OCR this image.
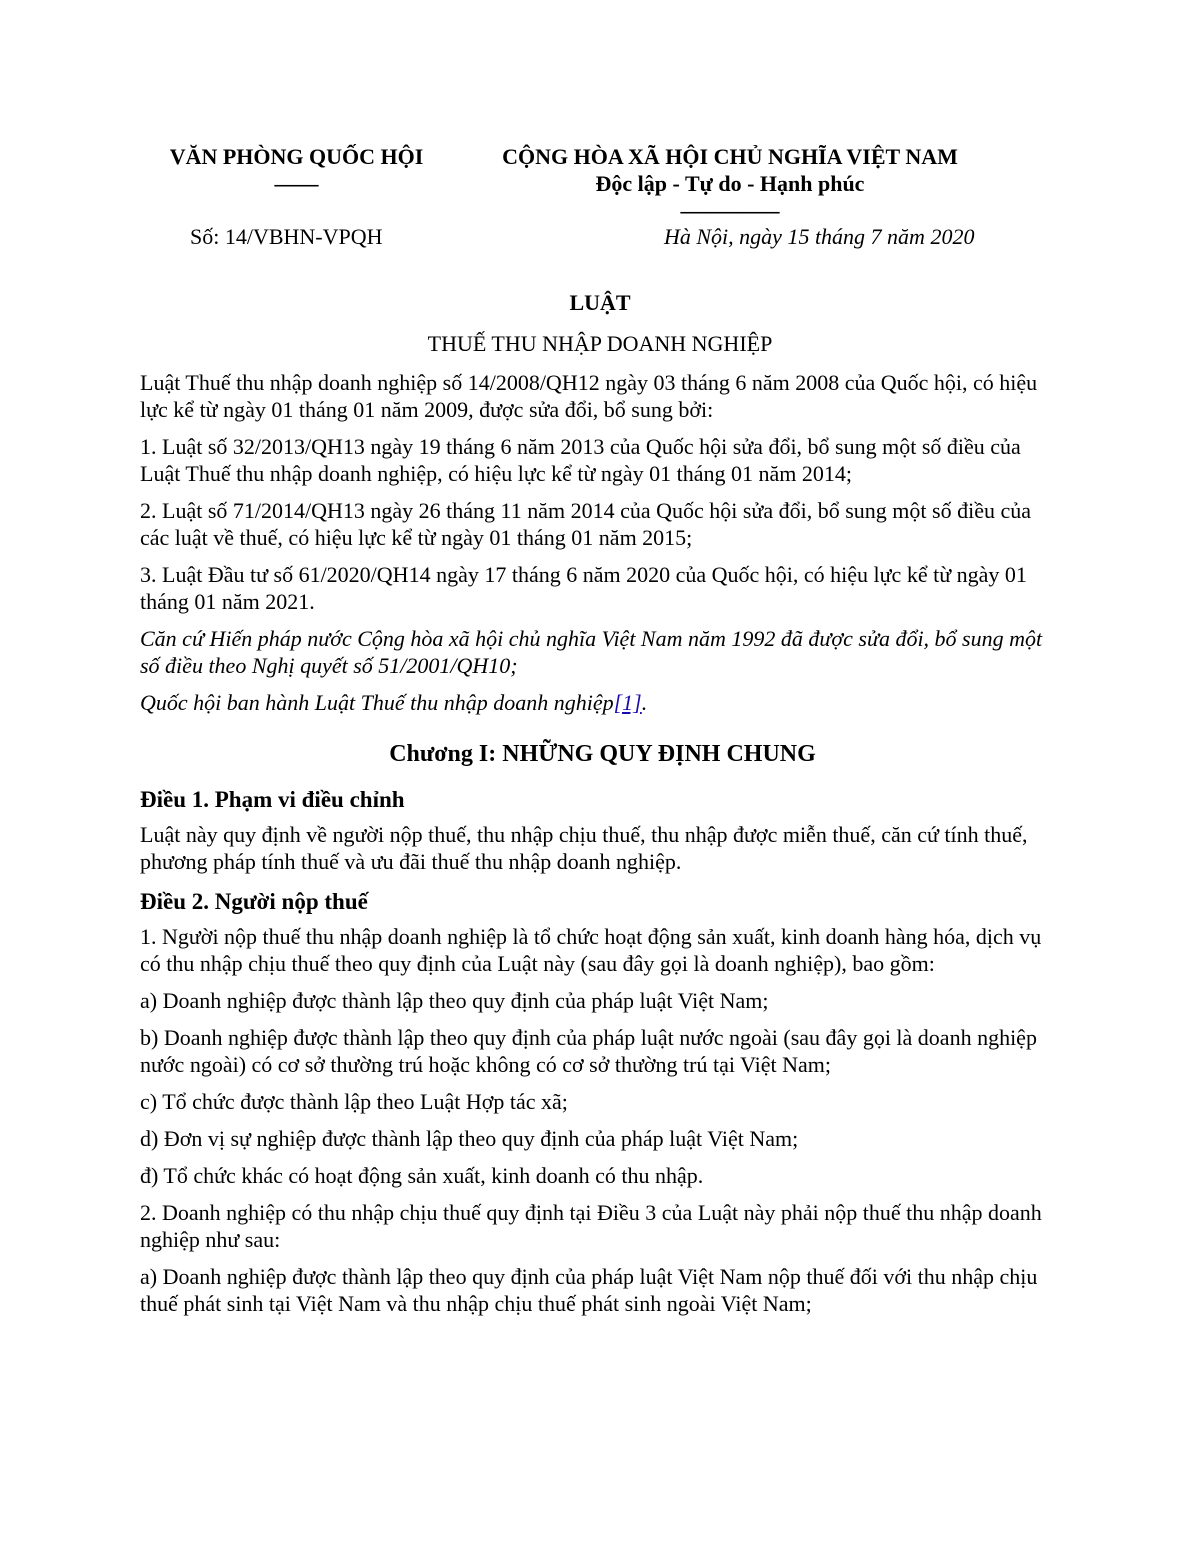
VĂN PHÒNG QUỐC HỘI
––––
CỘNG HÒA XÃ HỘI CHỦ NGHĨA VIỆT NAM
Độc lập - Tự do - Hạnh phúc
–––––––––
Số: 14/VBHN-VPQH	Hà Nội, ngày 15 tháng 7 năm 2020
LUẬT
THUẾ THU NHẬP DOANH NGHIỆP

Luật Thuế thu nhập doanh nghiệp số 14/2008/QH12 ngày 03 tháng 6 năm 2008 của Quốc hội, có hiệu lực kể từ ngày 01 tháng 01 năm 2009, được sửa đổi, bổ sung bởi:

1. Luật số 32/2013/QH13 ngày 19 tháng 6 năm 2013 của Quốc hội sửa đổi, bổ sung một số điều của Luật Thuế thu nhập doanh nghiệp, có hiệu lực kể từ ngày 01 tháng 01 năm 2014;

2. Luật số 71/2014/QH13 ngày 26 tháng 11 năm 2014 của Quốc hội sửa đổi, bổ sung một số điều của các luật về thuế, có hiệu lực kể từ ngày 01 tháng 01 năm 2015;

3. Luật Đầu tư số 61/2020/QH14 ngày 17 tháng 6 năm 2020 của Quốc hội, có hiệu lực kể từ ngày 01 tháng 01 năm 2021.

Căn cứ Hiến pháp nước Cộng hòa xã hội chủ nghĩa Việt Nam năm 1992 đã được sửa đổi, bổ sung một số điều theo Nghị quyết số 51/2001/QH10;

Quốc hội ban hành Luật Thuế thu nhập doanh nghiệp[1].

Chương I: NHỮNG QUY ĐỊNH CHUNG
Điều 1. Phạm vi điều chỉnh

Luật này quy định về người nộp thuế, thu nhập chịu thuế, thu nhập được miễn thuế, căn cứ tính thuế, phương pháp tính thuế và ưu đãi thuế thu nhập doanh nghiệp.

Điều 2. Người nộp thuế

1. Người nộp thuế thu nhập doanh nghiệp là tổ chức hoạt động sản xuất, kinh doanh hàng hóa, dịch vụ có thu nhập chịu thuế theo quy định của Luật này (sau đây gọi là doanh nghiệp), bao gồm:

a) Doanh nghiệp được thành lập theo quy định của pháp luật Việt Nam;

b) Doanh nghiệp được thành lập theo quy định của pháp luật nước ngoài (sau đây gọi là doanh nghiệp nước ngoài) có cơ sở thường trú hoặc không có cơ sở thường trú tại Việt Nam;

c) Tổ chức được thành lập theo Luật Hợp tác xã;

d) Đơn vị sự nghiệp được thành lập theo quy định của pháp luật Việt Nam;

đ) Tổ chức khác có hoạt động sản xuất, kinh doanh có thu nhập.

2. Doanh nghiệp có thu nhập chịu thuế quy định tại Điều 3 của Luật này phải nộp thuế thu nhập doanh nghiệp như sau:

a) Doanh nghiệp được thành lập theo quy định của pháp luật Việt Nam nộp thuế đối với thu nhập chịu thuế phát sinh tại Việt Nam và thu nhập chịu thuế phát sinh ngoài Việt Nam;
